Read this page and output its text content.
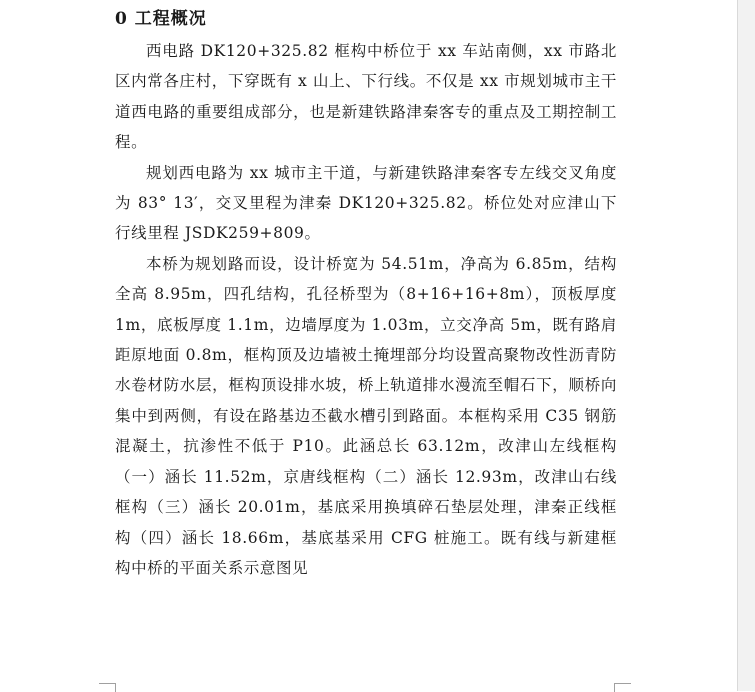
0 工程概况

西电路 DK120+325.82 框构中桥位于 xx 车站南侧，xx 市路北区内常各庄村，下穿既有 x 山上、下行线。不仅是 xx 市规划城市主干道西电路的重要组成部分，也是新建铁路津秦客专的重点及工期控制工程。

规划西电路为 xx 城市主干道，与新建铁路津秦客专左线交叉角度为 83° 13′，交叉里程为津秦 DK120+325.82。桥位处对应津山下行线里程 JSDK259+809。

本桥为规划路而设，设计桥宽为 54.51m，净高为 6.85m，结构全高 8.95m，四孔结构，孔径桥型为（8+16+16+8m），顶板厚度 1m，底板厚度 1.1m，边墙厚度为 1.03m，立交净高 5m，既有路肩距原地面 0.8m，框构顶及边墙被土掩埋部分均设置高聚物改性沥青防水卷材防水层，框构顶设排水坡，桥上轨道排水漫流至帽石下，顺桥向集中到两侧，有设在路基边丕截水槽引到路面。本框构采用 C35 钢筋混凝土，抗渗性不低于 P10。此涵总长 63.12m，改津山左线框构（一）涵长 11.52m，京唐线框构（二）涵长 12.93m，改津山右线框构（三）涵长 20.01m，基底采用换填碎石垫层处理，津秦正线框构（四）涵长 18.66m，基底基采用 CFG 桩施工。既有线与新建框构中桥的平面关系示意图见
